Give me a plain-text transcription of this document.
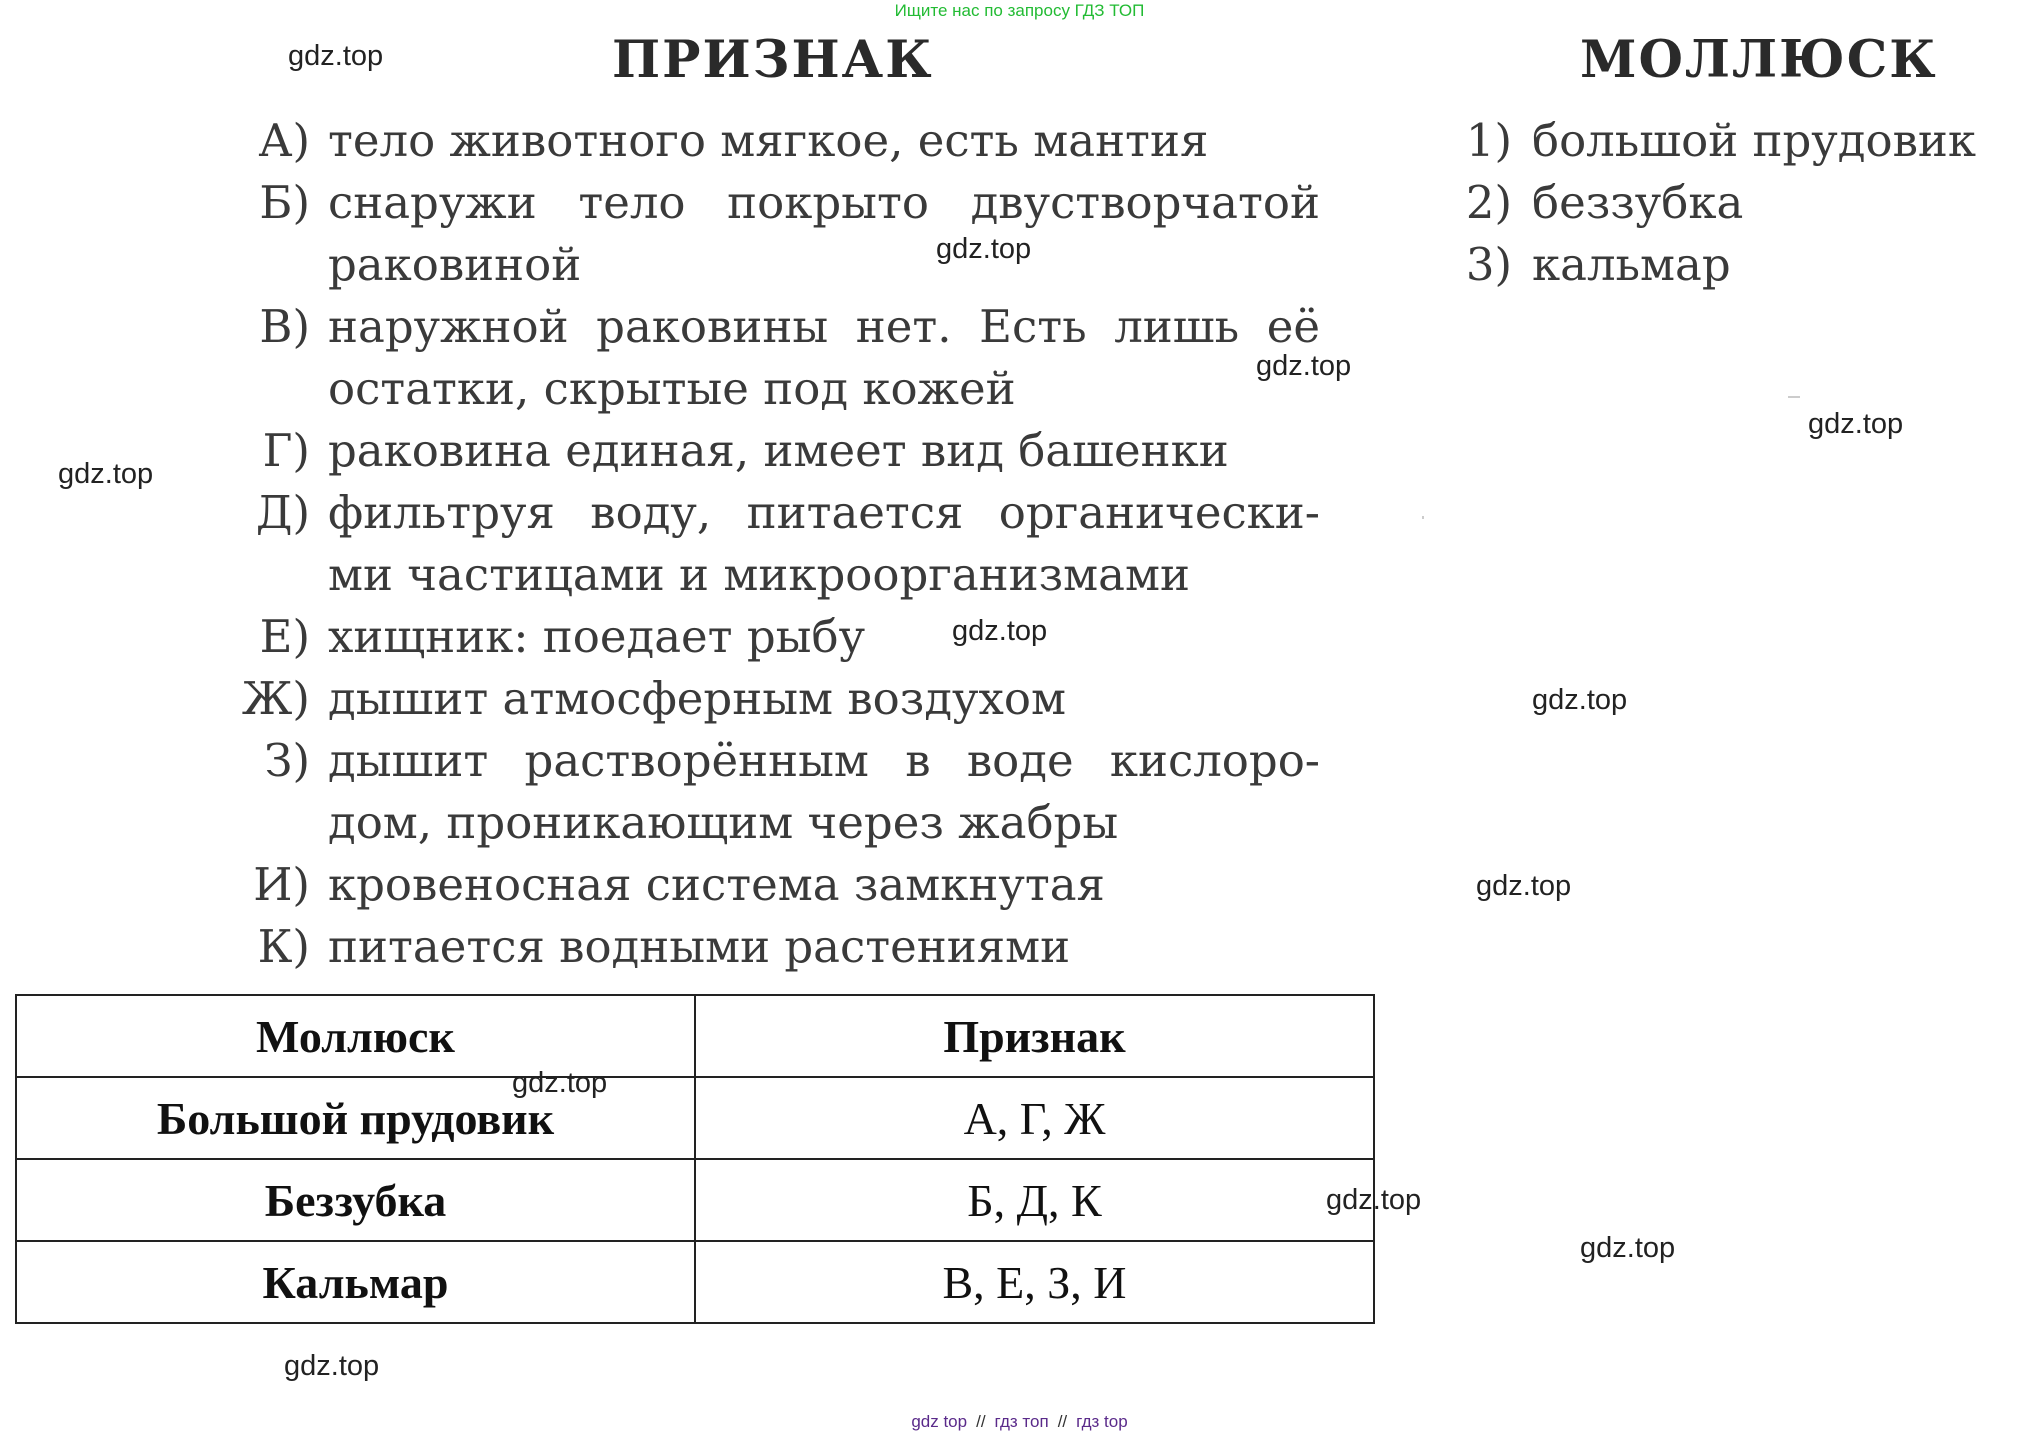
Ищите нас по запросу ГДЗ ТОП
ПРИЗНАК	МОЛЛЮСК
А) тело животного мягкое, есть мантия
Б) снаружи тело покрыто двустворчатой раковиной
В) наружной раковины нет. Есть лишь её остатки, скрытые под кожей
Г) раковина единая, имеет вид башенки
Д) фильтруя воду, питается органически-ми частицами и микроорганизмами
Е) хищник: поедает рыбу
Ж) дышит атмосферным воздухом
З) дышит растворённым в воде кислоро-дом, проникающим через жабры
И) кровеносная система замкнутая
К) питается водными растениями
1) большой прудовик
2) беззубка
3) кальмар
Моллюск	Признак
Большой прудовик	А, Г, Ж
Беззубка	Б, Д, К
Кальмар	В, Е, З, И
gdz.top
gdz.top
gdz.top
gdz.top
gdz.top
gdz.top
gdz.top
gdz.top
gdz.top
gdz.top
gdz.top
gdz.top
gdz top // гдз топ // гдз top
